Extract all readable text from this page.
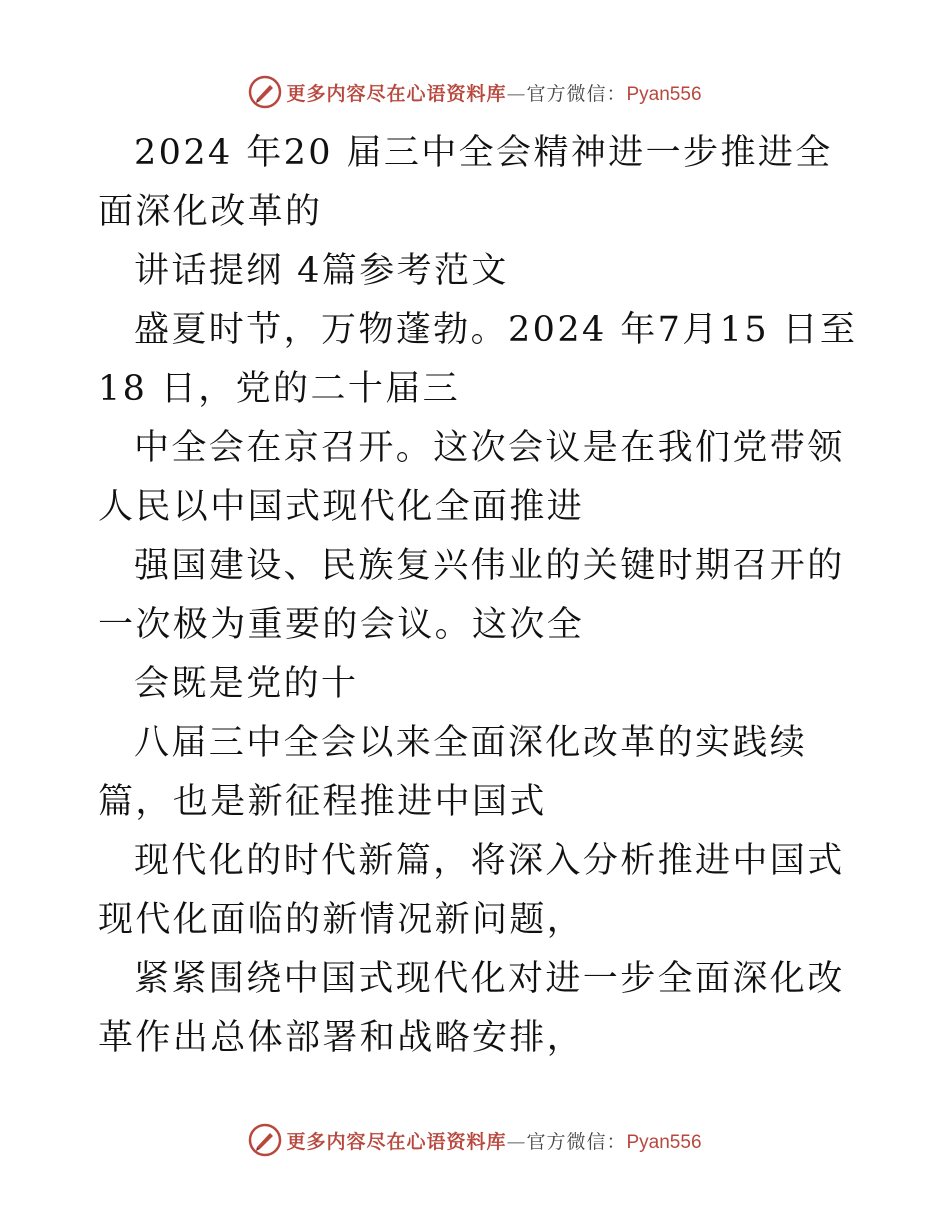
更多内容尽在心语资料库—官方微信：Pyan556

2024 年20 届三中全会精神进一步推进全面深化改革的

讲话提纲 4篇参考范文

盛夏时节，万物蓬勃。2024 年7月15 日至 18 日，党的二十届三

中全会在京召开。这次会议是在我们党带领人民以中国式现代化全面推进

强国建设、民族复兴伟业的关键时期召开的一次极为重要的会议。这次全

会既是党的十

八届三中全会以来全面深化改革的实践续篇，也是新征程推进中国式

现代化的时代新篇，将深入分析推进中国式现代化面临的新情况新问题，

紧紧围绕中国式现代化对进一步全面深化改革作出总体部署和战略安排，

更多内容尽在心语资料库—官方微信：Pyan556
